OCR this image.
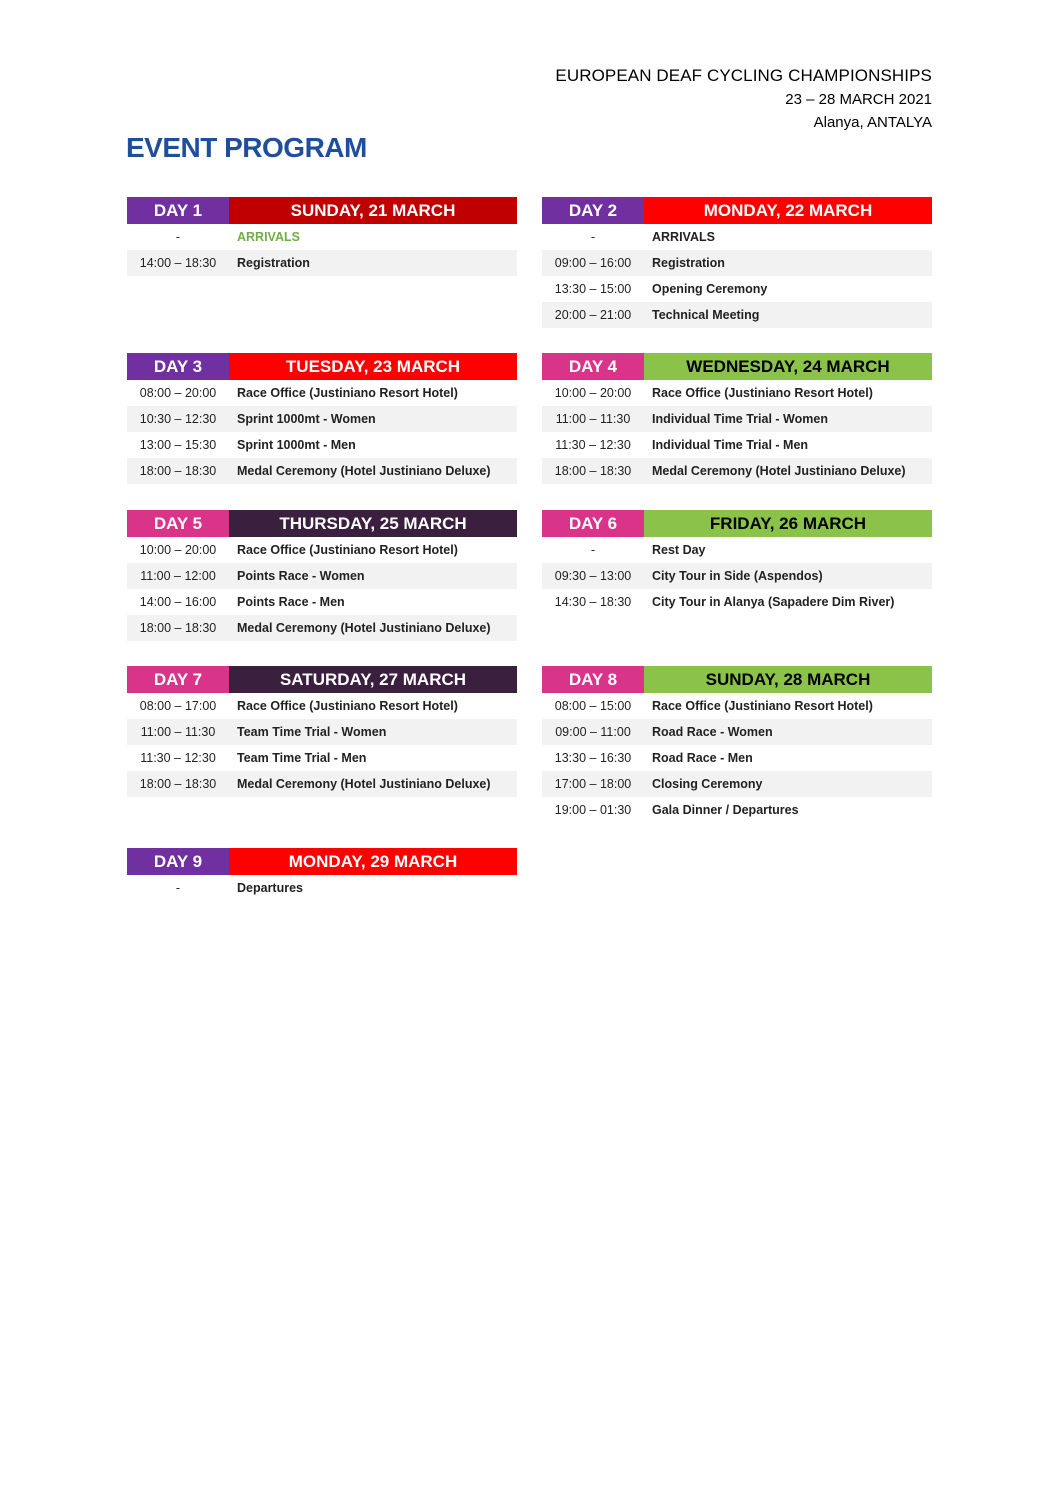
EUROPEAN DEAF CYCLING CHAMPIONSHIPS
23 – 28 MARCH 2021
Alanya, ANTALYA
EVENT PROGRAM
DAY 1	SUNDAY, 21 MARCH
-	ARRIVALS
14:00 – 18:30	Registration
DAY 2	MONDAY, 22 MARCH
-	ARRIVALS
09:00 – 16:00	Registration
13:30 – 15:00	Opening Ceremony
20:00 – 21:00	Technical Meeting
DAY 3	TUESDAY, 23 MARCH
08:00 – 20:00	Race Office (Justiniano Resort Hotel)
10:30 – 12:30	Sprint 1000mt - Women
13:00 – 15:30	Sprint 1000mt - Men
18:00 – 18:30	Medal Ceremony (Hotel Justiniano Deluxe)
DAY 4	WEDNESDAY, 24 MARCH
10:00 – 20:00	Race Office (Justiniano Resort Hotel)
11:00 – 11:30	Individual Time Trial - Women
11:30 – 12:30	Individual Time Trial - Men
18:00 – 18:30	Medal Ceremony (Hotel Justiniano Deluxe)
DAY 5	THURSDAY, 25 MARCH
10:00 – 20:00	Race Office (Justiniano Resort Hotel)
11:00 – 12:00	Points Race - Women
14:00 – 16:00	Points Race - Men
18:00 – 18:30	Medal Ceremony (Hotel Justiniano Deluxe)
DAY 6	FRIDAY, 26 MARCH
-	Rest Day
09:30 – 13:00	City Tour in Side (Aspendos)
14:30 – 18:30	City Tour in Alanya (Sapadere Dim River)
DAY 7	SATURDAY, 27 MARCH
08:00 – 17:00	Race Office (Justiniano Resort Hotel)
11:00 – 11:30	Team Time Trial - Women
11:30 – 12:30	Team Time Trial - Men
18:00 – 18:30	Medal Ceremony (Hotel Justiniano Deluxe)
DAY 8	SUNDAY, 28 MARCH
08:00 – 15:00	Race Office (Justiniano Resort Hotel)
09:00 – 11:00	Road Race - Women
13:30 – 16:30	Road Race - Men
17:00 – 18:00	Closing Ceremony
19:00 – 01:30	Gala Dinner / Departures
DAY 9	MONDAY, 29 MARCH
-	Departures
